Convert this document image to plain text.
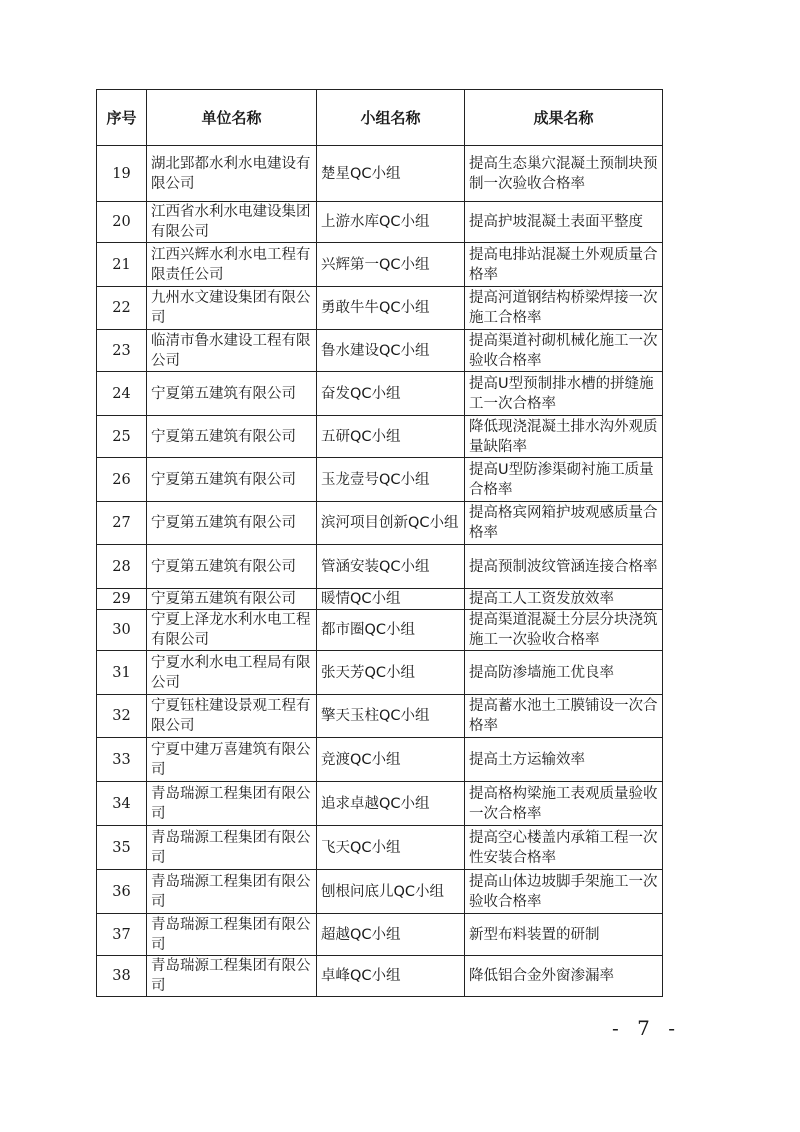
序号	单位名称	小组名称	成果名称
19	湖北郢都水利水电建设有限公司	楚星QC小组	提高生态巢穴混凝土预制块预制一次验收合格率
20	江西省水利水电建设集团有限公司	上游水库QC小组	提高护坡混凝土表面平整度
21	江西兴辉水利水电工程有限责任公司	兴辉第一QC小组	提高电排站混凝土外观质量合格率
22	九州水文建设集团有限公司	勇敢牛牛QC小组	提高河道钢结构桥梁焊接一次施工合格率
23	临清市鲁水建设工程有限公司	鲁水建设QC小组	提高渠道衬砌机械化施工一次验收合格率
24	宁夏第五建筑有限公司	奋发QC小组	提高U型预制排水槽的拼缝施工一次合格率
25	宁夏第五建筑有限公司	五研QC小组	降低现浇混凝土排水沟外观质量缺陷率
26	宁夏第五建筑有限公司	玉龙壹号QC小组	提高U型防渗渠砌衬施工质量合格率
27	宁夏第五建筑有限公司	滨河项目创新QC小组	提高格宾网箱护坡观感质量合格率
28	宁夏第五建筑有限公司	管涵安装QC小组	提高预制波纹管涵连接合格率
29	宁夏第五建筑有限公司	暖情QC小组	提高工人工资发放效率
30	宁夏上泽龙水利水电工程有限公司	都市圈QC小组	提高渠道混凝土分层分块浇筑施工一次验收合格率
31	宁夏水利水电工程局有限公司	张天芳QC小组	提高防渗墙施工优良率
32	宁夏钰柱建设景观工程有限公司	擎天玉柱QC小组	提高蓄水池土工膜铺设一次合格率
33	宁夏中建万喜建筑有限公司	竞渡QC小组	提高土方运输效率
34	青岛瑞源工程集团有限公司	追求卓越QC小组	提高格构梁施工表观质量验收一次合格率
35	青岛瑞源工程集团有限公司	飞天QC小组	提高空心楼盖内承箱工程一次性安装合格率
36	青岛瑞源工程集团有限公司	刨根问底儿QC小组	提高山体边坡脚手架施工一次验收合格率
37	青岛瑞源工程集团有限公司	超越QC小组	新型布料装置的研制
38	青岛瑞源工程集团有限公司	卓峰QC小组	降低铝合金外窗渗漏率
- 7 -
